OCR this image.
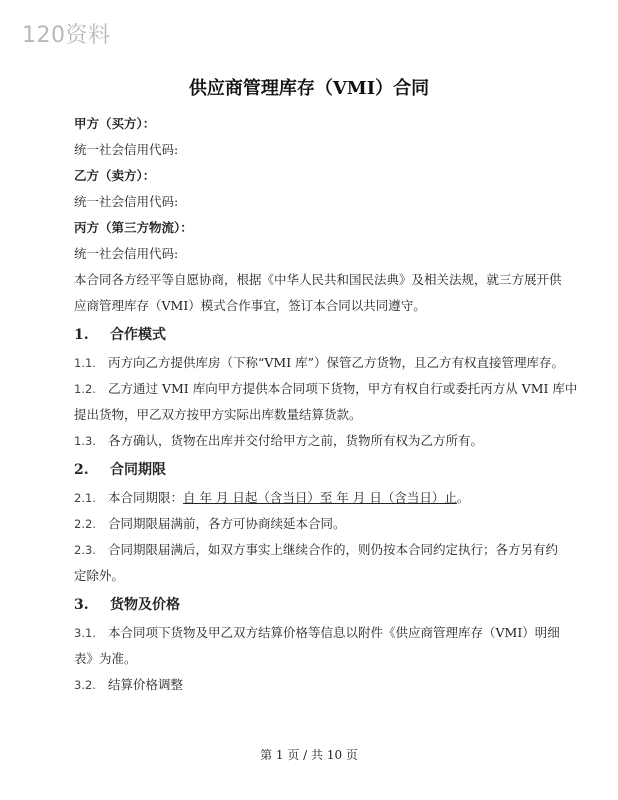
120资料
供应商管理库存（VMI）合同
甲方（买方）：
统一社会信用代码:
乙方（卖方）：
统一社会信用代码:
丙方（第三方物流）：
统一社会信用代码:
本合同各方经平等自愿协商，根据《中华人民共和国民法典》及相关法规，就三方展开供
应商管理库存（VMI）模式合作事宜，签订本合同以共同遵守。
1. 合作模式
1.1. 丙方向乙方提供库房（下称“VMI 库”）保管乙方货物，且乙方有权直接管理库存。
1.2. 乙方通过 VMI 库向甲方提供本合同项下货物，甲方有权自行或委托丙方从 VMI 库中
提出货物，甲乙双方按甲方实际出库数量结算货款。
1.3. 各方确认，货物在出库并交付给甲方之前，货物所有权为乙方所有。
2. 合同期限
2.1. 本合同期限：自 年 月 日起（含当日）至 年 月 日（含当日）止。
2.2. 合同期限届满前，各方可协商续延本合同。
2.3. 合同期限届满后，如双方事实上继续合作的，则仍按本合同约定执行；各方另有约
定除外。
3. 货物及价格
3.1. 本合同项下货物及甲乙双方结算价格等信息以附件《供应商管理库存（VMI）明细
表》为准。
3.2. 结算价格调整
第 1 页 / 共 10 页
